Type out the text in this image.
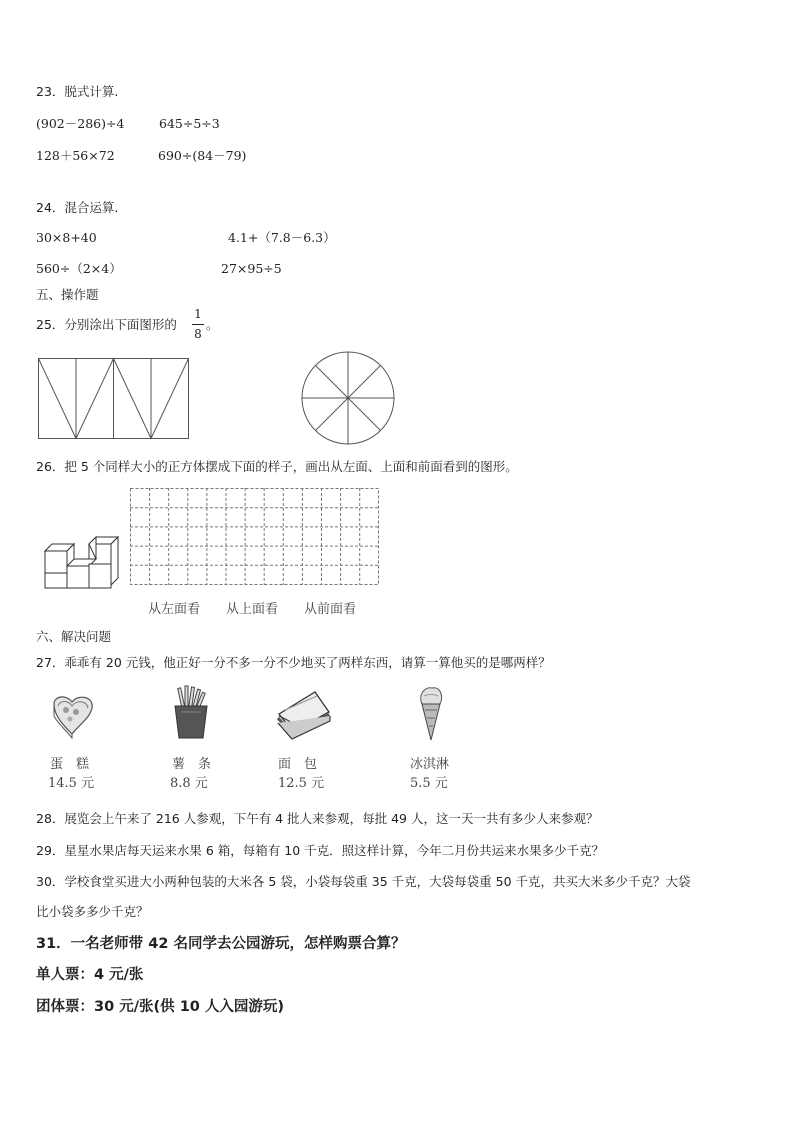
23．脱式计算.
(902－286)÷4	645÷5÷3
128＋56×72	690÷(84－79)
24．混合运算.
30×8+40	4.1+（7.8－6.3）
560÷（2×4）	27×95÷5
五、操作题
25．分别涂出下面图形的
1
8
。
26．把 5 个同样大小的正方体摆成下面的样子，画出从左面、上面和前面看到的图形。
从左面看 从上面看 从前面看
六、解决问题
27．乖乖有 20 元钱，他正好一分不多一分不少地买了两样东西，请算一算他买的是哪两样？
蛋　糕
14.5 元
薯　条
8.8 元
面　包
12.5 元
冰淇淋
5.5 元
28．展览会上午来了 216 人参观，下午有 4 批人来参观，每批 49 人，这一天一共有多少人来参观？
29．星星水果店每天运来水果 6 箱，每箱有 10 千克．照这样计算，今年二月份共运来水果多少千克？
30．学校食堂买进大小两种包装的大米各 5 袋，小袋每袋重 35 千克，大袋每袋重 50 千克，共买大米多少千克？大袋
比小袋多多少千克？
31．一名老师带 42 名同学去公园游玩，怎样购票合算？
单人票：4 元/张
团体票：30 元/张(供 10 人入园游玩)
